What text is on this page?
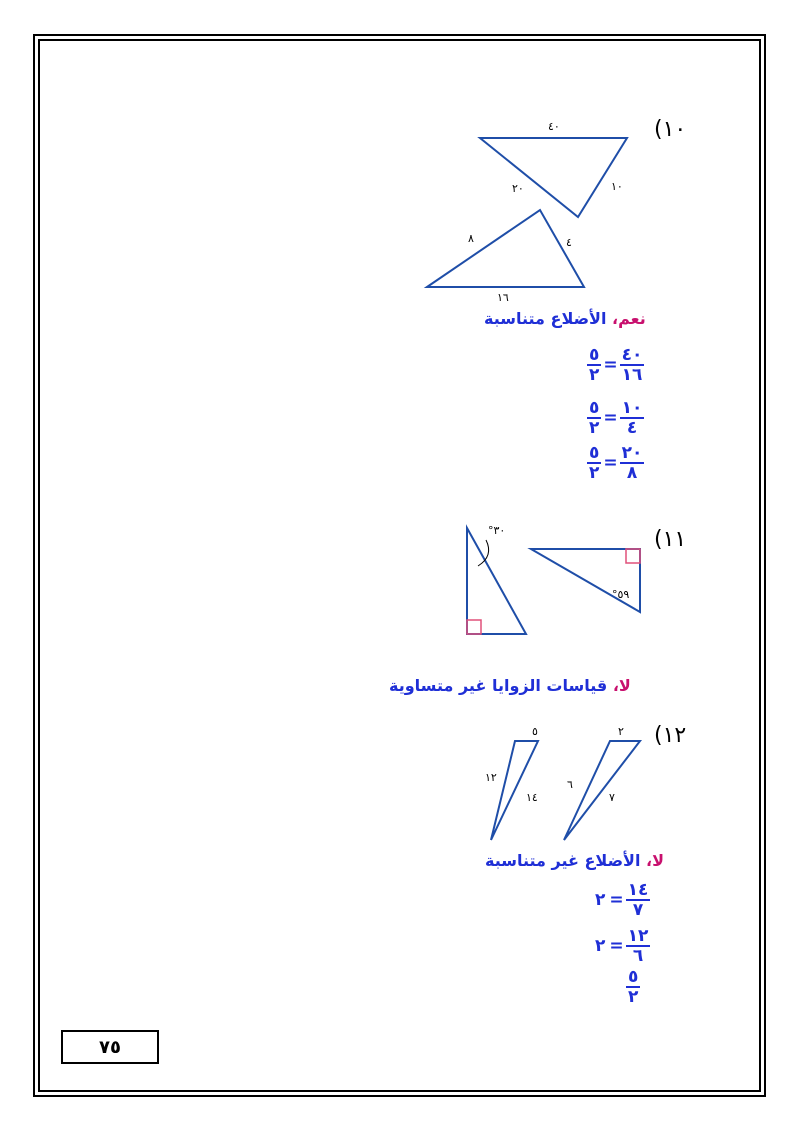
(١٠
٤٠
٢٠	١٠
٨	٤
١٦
نعم، الأضلاع متناسبة
$\frac{٥}{٢} = \frac{٤٠}{١٦}$
$\frac{٥}{٢} = \frac{١٠}{٤}$
$\frac{٥}{٢} = \frac{٢٠}{٨}$
(١١
°٣٠
°٥٩
لا، قياسات الزوايا غير متساوية
(١٢
٥
١٢
١٤
٢
٦
٧
لا، الأضلاع غير متناسبة
٢ = $\frac{١٤}{٧}$
٢ = $\frac{١٢}{٦}$
$\frac{٥}{٢}$
٧٥
